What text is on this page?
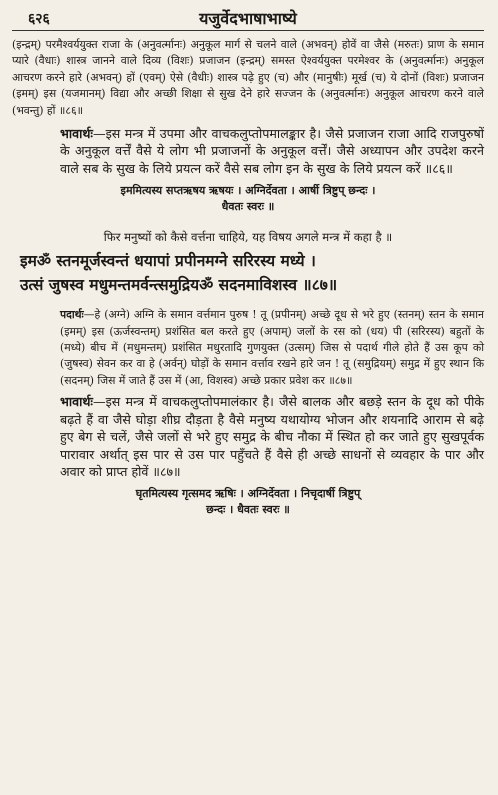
६२६	यजुर्वेदभाषाभाष्ये

(इन्द्रम्) परमैश्वर्ययुक्त राजा के (अनुवर्त्मानः) अनुकूल मार्ग से चलने वाले (अभवन्) होवें वा जैसे (मरुतः) प्राण के समान प्यारे (वैधाः) शास्त्र जानने वाले दिव्य (विशः) प्रजाजन (इन्द्रम्) समस्त ऐश्वर्ययुक्त परमेश्वर के (अनुवर्त्मानः) अनुकूल आचरण करने हारे (अभवन्) हों (एवम्) ऐसे (वैधीः) शास्त्र पढ़े हुए (च) और (मानुषीः) मूर्ख (च) ये दोनों (विशः) प्रजाजन (इमम्) इस (यजमानम्) विद्या और अच्छी शिक्षा से सुख देने हारे सज्जन के (अनुवर्त्मानः) अनुकूल आचरण करने वाले (भवन्तु) हों ॥८६॥

भावार्थः—इस मन्त्र में उपमा और वाचकलुप्तोपमालङ्कार है। जैसे प्रजाजन राजा आदि राजपुरुषों के अनुकूल वर्त्तें वैसे ये लोग भी प्रजाजनों के अनुकूल वर्त्तें। जैसे अध्यापन और उपदेश करने वाले सब के सुख के लिये प्रयत्न करें वैसे सब लोग इन के सुख के लिये प्रयत्न करें ॥८६॥

इममित्यस्य सप्तऋषय ऋषयः । अग्निर्देवता । आर्षी त्रिष्टुप् छन्दः ।

धैवतः स्वरः ॥

फिर मनुष्यों को कैसे वर्त्तना चाहिये, यह विषय अगले मन्त्र में कहा है ॥

इमॐ स्तनमूर्जस्वन्तं धयापां प्रपीनमग्ने सरिरस्य मध्ये ।

उत्सं जुषस्व मधुमन्तमर्वन्त्समुद्रियॐ सदनमाविशस्व ॥८७॥

पदार्थः—हे (अग्ने) अग्नि के समान वर्त्तमान पुरुष ! तू (प्रपीनम्) अच्छे दूध से भरे हुए (स्तनम्) स्तन के समान (इमम्) इस (ऊर्जस्वन्तम्) प्रशंसित बल करते हुए (अपाम्) जलों के रस को (धय) पी (सरिरस्य) बहुतों के (मध्ये) बीच में (मधुमन्तम्) प्रशंसित मधुरतादि गुणयुक्त (उत्सम्) जिस से पदार्थ गीले होते हैं उस कूप को (जुषस्व) सेवन कर वा हे (अर्वन्) घोड़ों के समान वर्त्ताव रखने हारे जन ! तू (समुद्रियम्) समुद्र में हुए स्थान कि (सदनम्) जिस में जाते हैं उस में (आ, विशस्व) अच्छे प्रकार प्रवेश कर ॥८७॥

भावार्थः—इस मन्त्र में वाचकलुप्तोपमालंकार है। जैसे बालक और बछड़े स्तन के दूध को पीके बढ़ते हैं वा जैसे घोड़ा शीघ्र दौड़ता है वैसे मनुष्य यथायोग्य भोजन और शयनादि आराम से बढ़े हुए बेग से चलें, जैसे जलों से भरे हुए समुद्र के बीच नौका में स्थित हो कर जाते हुए सुखपूर्वक पारावार अर्थात् इस पार से उस पार पहुँचते हैं वैसे ही अच्छे साधनों से व्यवहार के पार और अवार को प्राप्त होवें ॥८७॥

घृतमित्यस्य गृत्समद ऋषिः । अग्निर्देवता । निचृदार्षी त्रिष्टुप्

छन्दः । धैवतः स्वरः ॥
